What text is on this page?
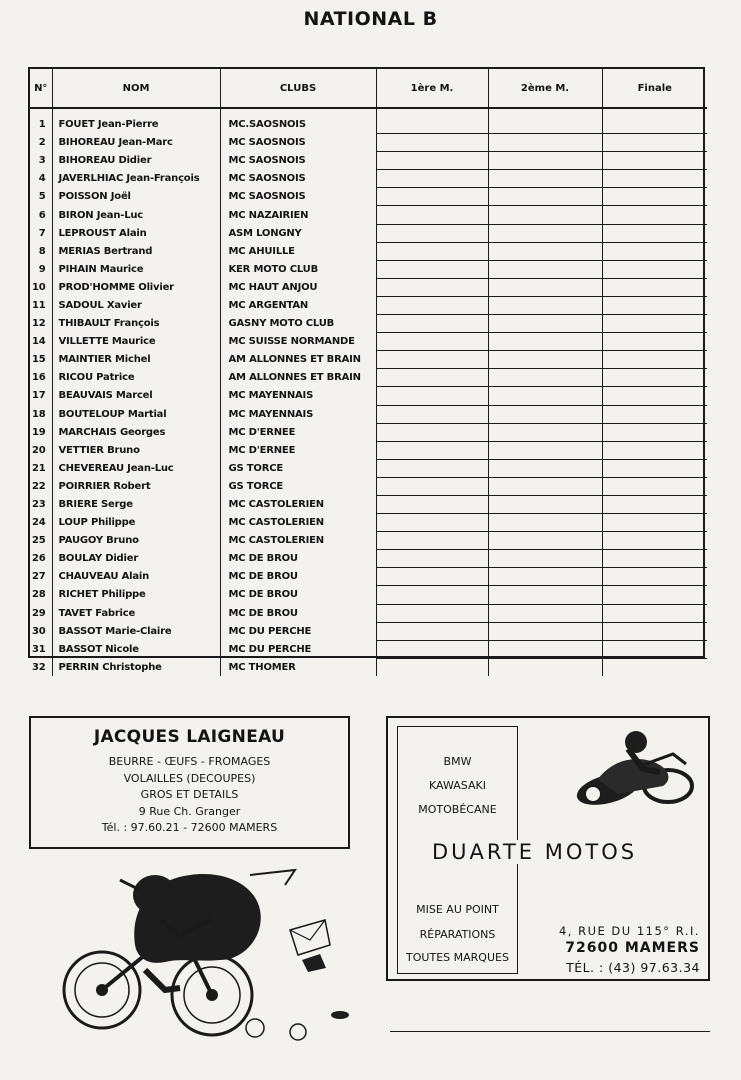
NATIONAL B
N°	NOM	CLUBS	1ère M.	2ème M.	Finale

1	FOUET Jean-Pierre	MC.SAOSNOIS			
2	BIHOREAU Jean-Marc	MC SAOSNOIS			
3	BIHOREAU Didier	MC SAOSNOIS			
4	JAVERLHIAC Jean-François	MC SAOSNOIS			
5	POISSON Joël	MC SAOSNOIS			
6	BIRON Jean-Luc	MC NAZAIRIEN			
7	LEPROUST Alain	ASM LONGNY			
8	MERIAS Bertrand	MC AHUILLE			
9	PIHAIN Maurice	KER MOTO CLUB			
10	PROD'HOMME Olivier	MC HAUT ANJOU			
11	SADOUL Xavier	MC ARGENTAN			
12	THIBAULT François	GASNY MOTO CLUB			
14	VILLETTE Maurice	MC SUISSE NORMANDE			
15	MAINTIER Michel	AM ALLONNES ET BRAIN			
16	RICOU Patrice	AM ALLONNES ET BRAIN			
17	BEAUVAIS Marcel	MC MAYENNAIS			
18	BOUTELOUP Martial	MC MAYENNAIS			
19	MARCHAIS Georges	MC D'ERNEE			
20	VETTIER Bruno	MC D'ERNEE			
21	CHEVEREAU Jean-Luc	GS TORCE			
22	POIRRIER Robert	GS TORCE			
23	BRIERE Serge	MC CASTOLERIEN			
24	LOUP Philippe	MC CASTOLERIEN			
25	PAUGOY Bruno	MC CASTOLERIEN			
26	BOULAY Didier	MC DE BROU			
27	CHAUVEAU Alain	MC DE BROU			
28	RICHET Philippe	MC DE BROU			
29	TAVET Fabrice	MC DE BROU			
30	BASSOT Marie-Claire	MC DU PERCHE			
31	BASSOT Nicole	MC DU PERCHE			
32	PERRIN Christophe	MC THOMER			
JACQUES LAIGNEAU
BEURRE - ŒUFS - FROMAGES
VOLAILLES (DECOUPES)
GROS ET DETAILS
9 Rue Ch. Granger
Tél. : 97.60.21 - 72600 MAMERS
BMW
KAWASAKI
MOTOBÉCANE
MISE AU POINT
RÉPARATIONS
TOUTES MARQUES
DUARTE MOTOS
4, RUE DU 115° R.I.
72600 MAMERS
TÉL. : (43) 97.63.34
